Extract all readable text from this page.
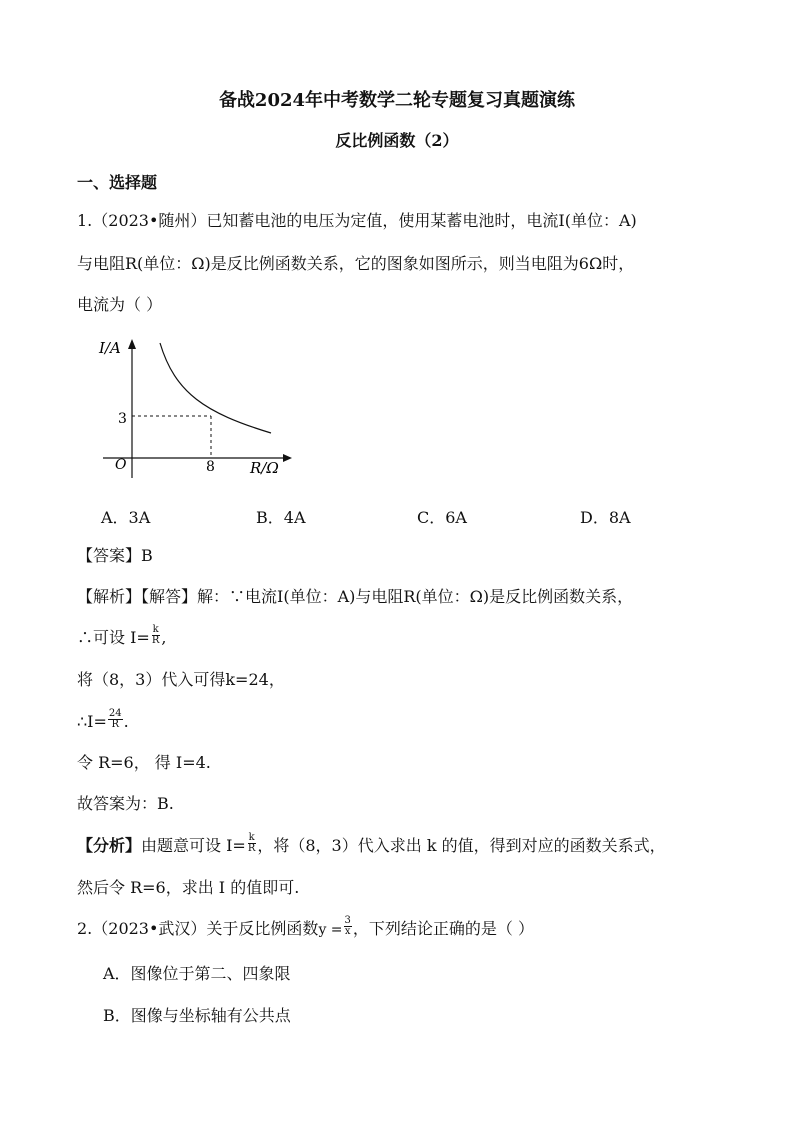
备战2024年中考数学二轮专题复习真题演练
反比例函数（2）
一、选择题
1.（2023•随州）已知蓄电池的电压为定值，使用某蓄电池时，电流I(单位：A)
与电阻R(单位：Ω)是反比例函数关系，它的图象如图所示，则当电阻为6Ω时，
电流为（ ）
I/A
R/Ω
O
3
8
A．3A	B．4A	C．6A	D．8A
【答案】B
【解析】【解答】解：∵电流I(单位：A)与电阻R(单位：Ω)是反比例函数关系，
∴可设 $I= \frac{k}{R}$ ,
将（8，3）代入可得k=24，
∴I= $\frac{24}{R}$ .
令 R=6， 得 I=4.
故答案为：B.
【分析】由题意可设 $I= \frac{k}{R}$ ，将（8，3）代入求出 k 的值，得到对应的函数关系式，
然后令 R=6，求出 I 的值即可.
2.（2023•武汉）关于反比例函数$y = \frac{3}{x}$ ，下列结论正确的是（ ）
A．图像位于第二、四象限
B．图像与坐标轴有公共点
